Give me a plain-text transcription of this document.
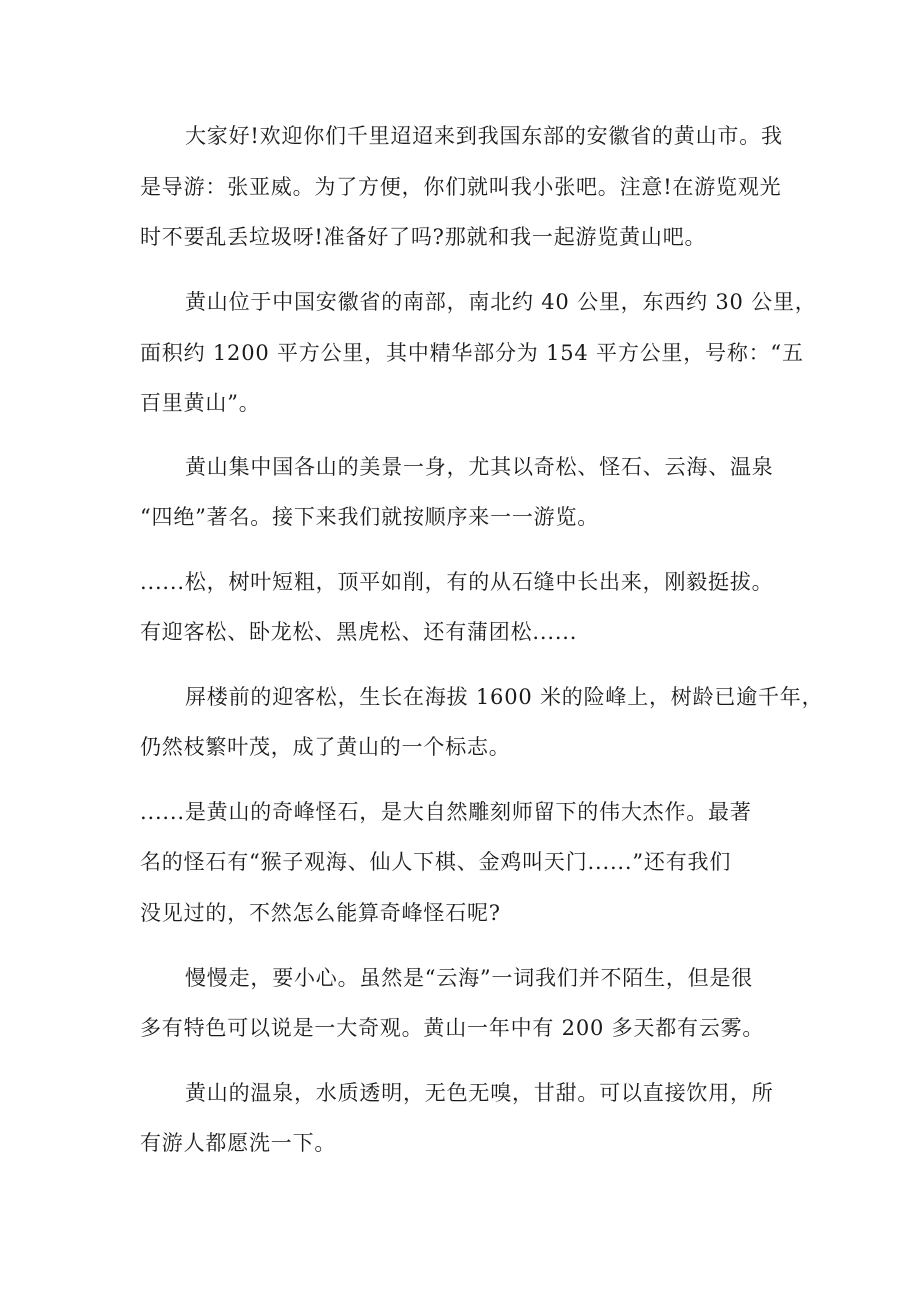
大家好!欢迎你们千里迢迢来到我国东部的安徽省的黄山市。我

是导游：张亚威。为了方便，你们就叫我小张吧。注意!在游览观光

时不要乱丢垃圾呀!准备好了吗?那就和我一起游览黄山吧。

黄山位于中国安徽省的南部，南北约 40 公里，东西约 30 公里，

面积约 1200 平方公里，其中精华部分为 154 平方公里，号称：“五

百里黄山”。

黄山集中国各山的美景一身，尤其以奇松、怪石、云海、温泉

“四绝”著名。接下来我们就按顺序来一一游览。

......松，树叶短粗，顶平如削，有的从石缝中长出来，刚毅挺拔。

有迎客松、卧龙松、黑虎松、还有蒲团松......

屏楼前的迎客松，生长在海拔 1600 米的险峰上，树龄已逾千年，

仍然枝繁叶茂，成了黄山的一个标志。

......是黄山的奇峰怪石，是大自然雕刻师留下的伟大杰作。最著

名的怪石有“猴子观海、仙人下棋、金鸡叫天门......”还有我们

没见过的，不然怎么能算奇峰怪石呢?

慢慢走，要小心。虽然是“云海”一词我们并不陌生，但是很

多有特色可以说是一大奇观。黄山一年中有 200 多天都有云雾。

黄山的温泉，水质透明，无色无嗅，甘甜。可以直接饮用，所

有游人都愿洗一下。
